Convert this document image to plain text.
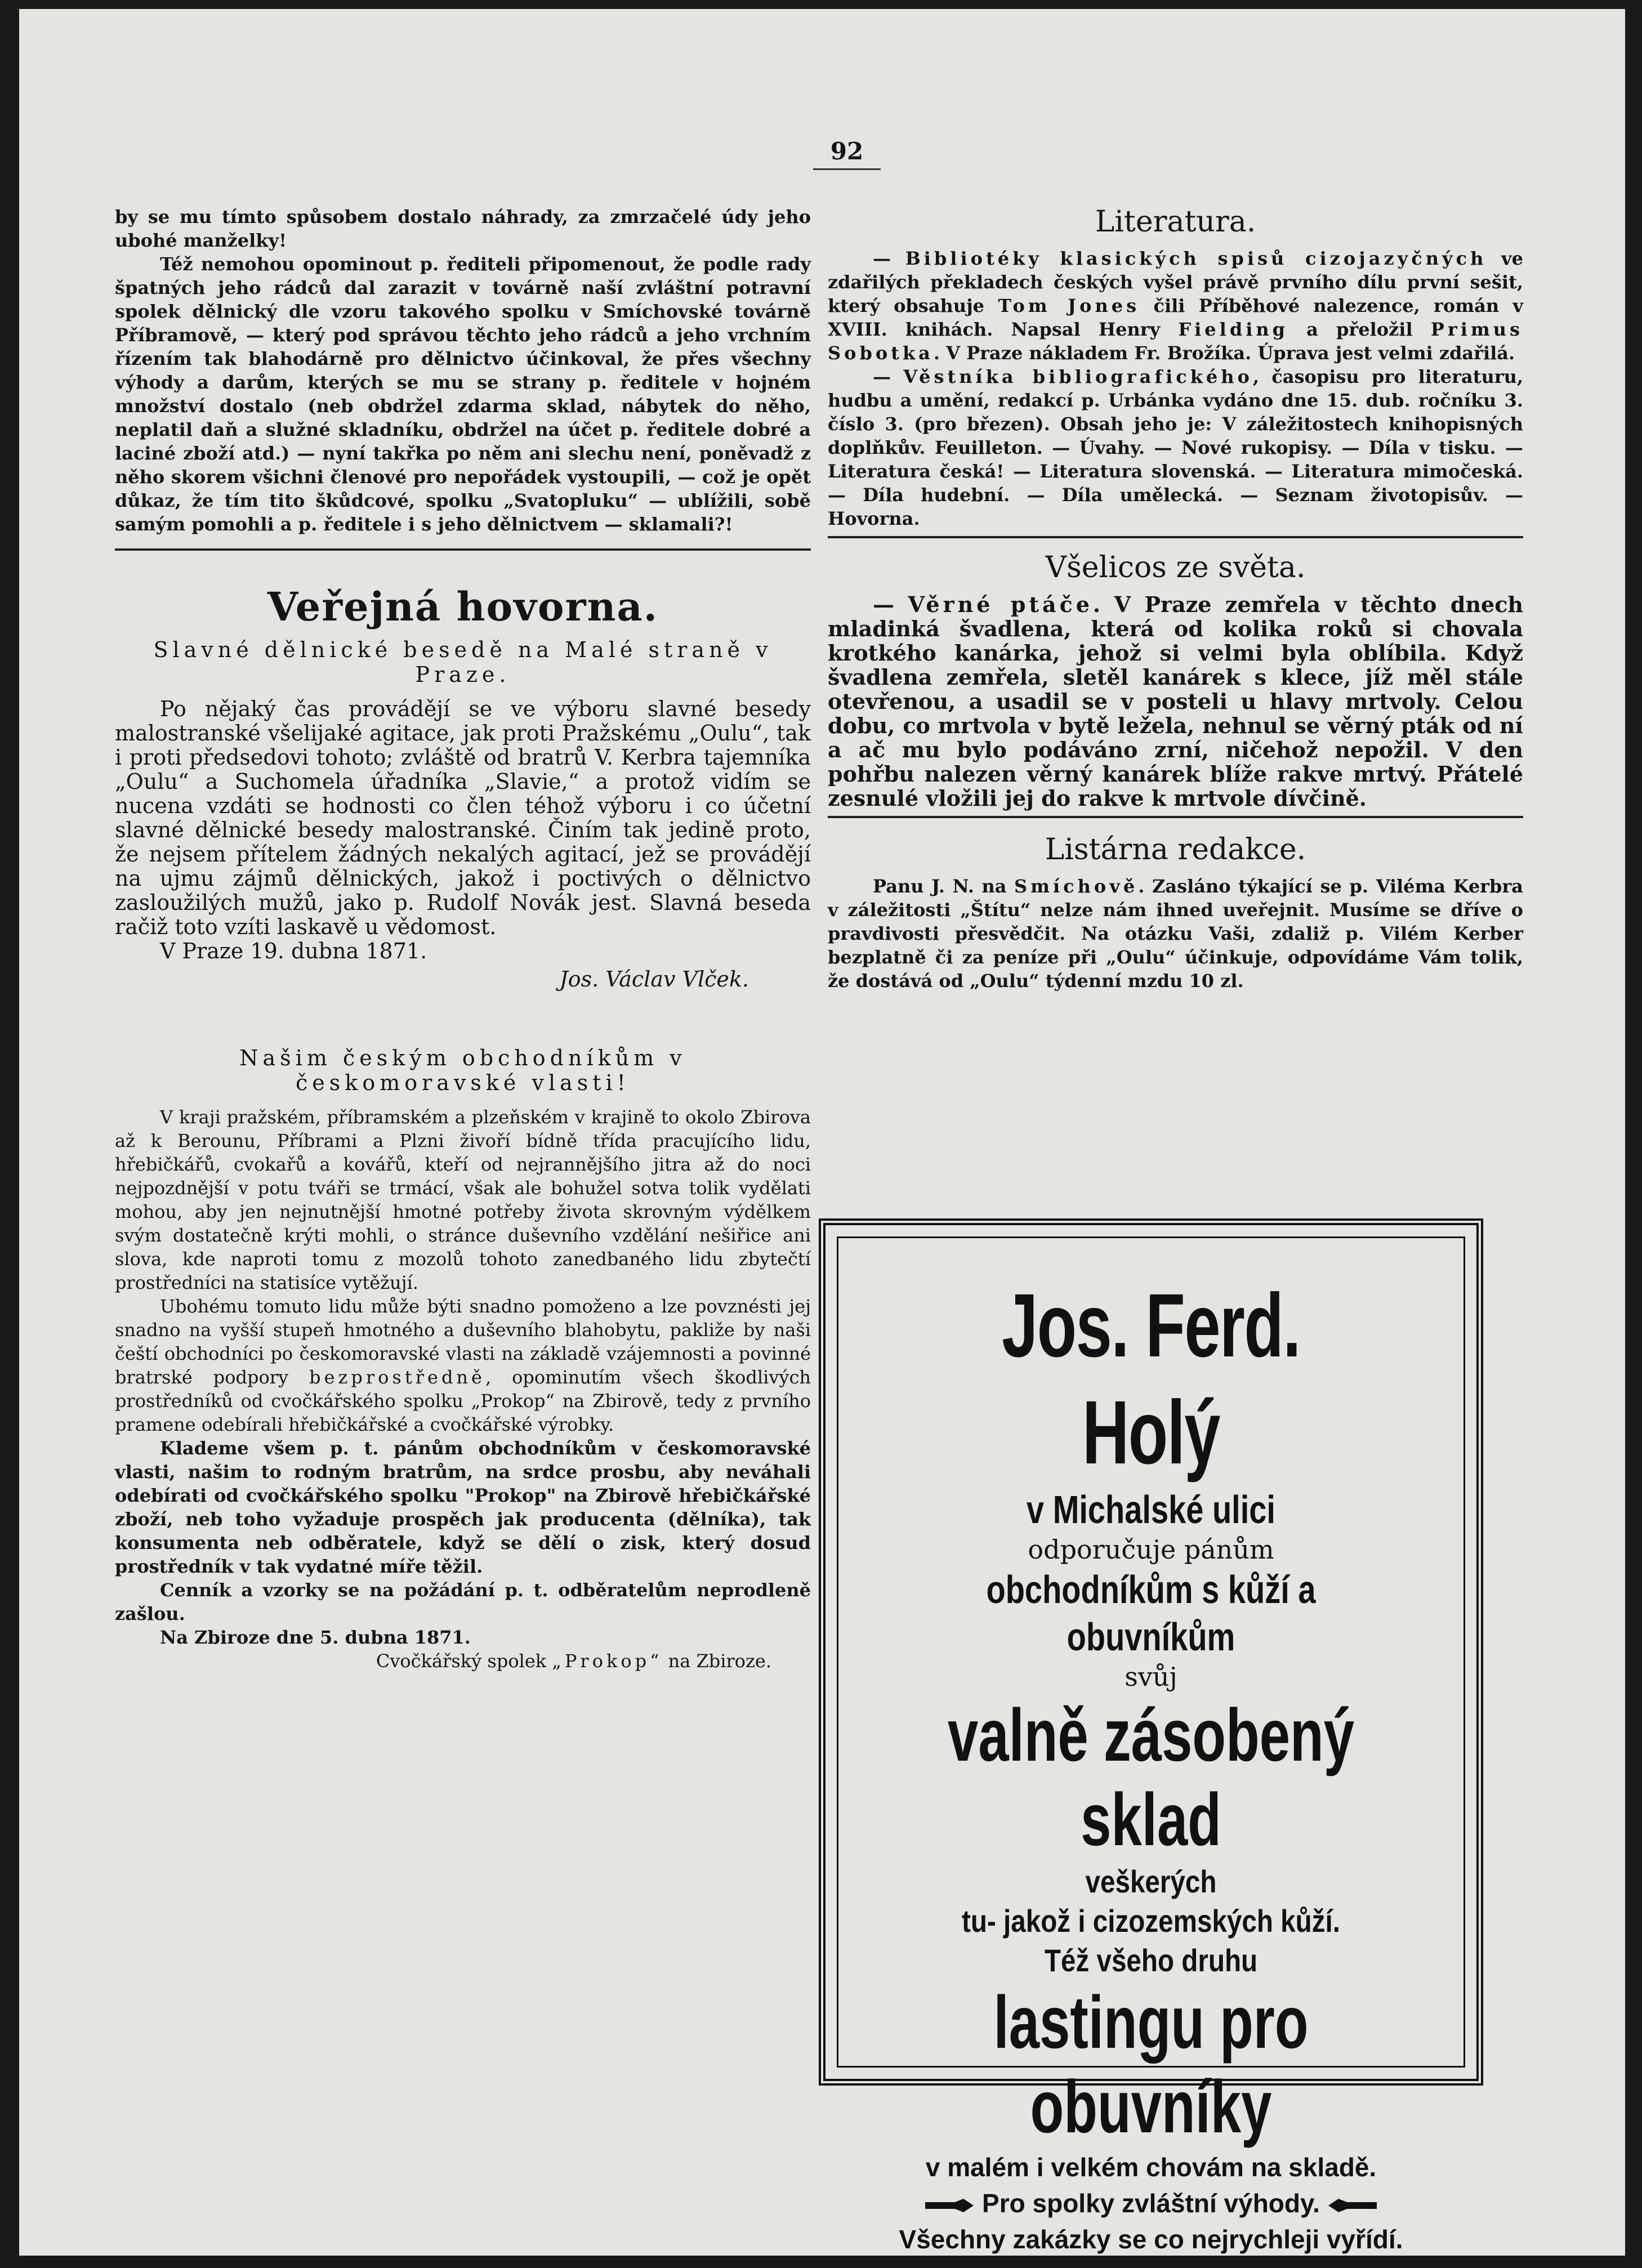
92

by se mu tímto spůsobem dostalo náhrady, za zmrzačelé údy jeho ubohé manželky!

Též nemohou opominout p. řediteli připomenout, že podle rady špatných jeho rádců dal zarazit v továrně naší zvláštní potravní spolek dělnický dle vzoru takového spolku v Smíchovské továrně Příbramově, — který pod správou těchto jeho rádců a jeho vrchním řízením tak blahodárně pro dělnictvo účinkoval, že přes všechny výhody a darům, kterých se mu se strany p. ředitele v hojném množství dostalo (neb obdržel zdarma sklad, nábytek do něho, neplatil daň a služné skladníku, obdržel na účet p. ředitele dobré a laciné zboží atd.) — nyní takřka po něm ani slechu není, poněvadž z něho skorem všichni členové pro nepořádek vystoupili, — což je opět důkaz, že tím tito škůdcové, spolku „Svatopluku“ — ublížili, sobě samým pomohli a p. ředitele i s jeho dělnictvem — sklamali?!

Veřejná hovorna.

Slavné dělnické besedě na Malé straně v Praze.

Po nějaký čas provádějí se ve výboru slavné besedy malostranské všelijaké agitace, jak proti Pražskému „Oulu“, tak i proti předsedovi tohoto; zvláště od bratrů V. Kerbra tajemníka „Oulu“ a Suchomela úřadníka „Slavie,“ a protož vidím se nucena vzdáti se hodnosti co člen téhož výboru i co účetní slavné dělnické besedy malostranské. Činím tak jedině proto, že nejsem přítelem žádných nekalých agitací, jež se provádějí na ujmu zájmů dělnických, jakož i poctivých o dělnictvo zasloužilých mužů, jako p. Rudolf Novák jest. Slavná beseda račiž toto vzíti laskavě u vědomost.

V Praze 19. dubna 1871.

Jos. Václav Vlček.

Našim českým obchodníkům v českomoravské vlasti!

V kraji pražském, příbramském a plzeňském v krajině to okolo Zbirova až k Berounu, Příbrami a Plzni živoří bídně třída pracujícího lidu, hřebičkářů, cvokařů a kovářů, kteří od nejrannějšího jitra až do noci nejpozdnější v potu tváři se trmácí, však ale bohužel sotva tolik vydělati mohou, aby jen nejnutnější hmotné potřeby života skrovným výdělkem svým dostatečně krýti mohli, o stránce duševního vzdělání nešiřice ani slova, kde naproti tomu z mozolů tohoto zanedbaného lidu zbytečtí prostředníci na statisíce vytěžují.

Ubohému tomuto lidu může býti snadno pomoženo a lze povznésti jej snadno na vyšší stupeň hmotného a duševního blahobytu, pakliže by naši čeští obchodníci po českomoravské vlasti na základě vzájemnosti a povinné bratrské podpory bezprostředně, opominutím všech škodlivých prostředníků od cvočkářského spolku „Prokop“ na Zbirově, tedy z prvního pramene odebírali hřebičkářské a cvočkářské výrobky.

Klademe všem p. t. pánům obchodníkům v českomoravské vlasti, našim to rodným bratrům, na srdce prosbu, aby neváhali odebírati od cvočkářského spolku "Prokop" na Zbirově hřebičkářské zboží, neb toho vyžaduje prospěch jak producenta (dělníka), tak konsumenta neb odběratele, když se dělí o zisk, který dosud prostředník v tak vydatné míře těžil.

Cenník a vzorky se na požádání p. t. odběratelům neprodleně zašlou.

Na Zbiroze dne 5. dubna 1871.

Cvočkářský spolek „Prokop“ na Zbiroze.

Literatura.

— Bibliotéky klasických spisů cizojazyčných ve zdařilých překladech českých vyšel právě prvního dílu první sešit, který obsahuje Tom Jones čili Příběhové nalezence, román v XVIII. knihách. Napsal Henry Fielding a přeložil Primus Sobotka. V Praze nákladem Fr. Brožíka. Úprava jest velmi zdařilá.

— Věstníka bibliografického, časopisu pro literaturu, hudbu a umění, redakcí p. Urbánka vydáno dne 15. dub. ročníku 3. číslo 3. (pro březen). Obsah jeho je: V záležitostech knihopisných doplňkův. Feuilleton. — Úvahy. — Nové rukopisy. — Díla v tisku. — Literatura česká! — Literatura slovenská. — Literatura mimočeská. — Díla hudební. — Díla umělecká. — Seznam životopisův. — Hovorna.

Všelicos ze světa.

— Věrné ptáče. V Praze zemřela v těchto dnech mladinká švadlena, která od kolika roků si chovala krotkého kanárka, jehož si velmi byla oblíbila. Když švadlena zemřela, sletěl kanárek s klece, jíž měl stále otevřenou, a usadil se v posteli u hlavy mrtvoly. Celou dobu, co mrtvola v bytě ležela, nehnul se věrný pták od ní a ač mu bylo podáváno zrní, ničehož nepožil. V den pohřbu nalezen věrný kanárek blíže rakve mrtvý. Přátelé zesnulé vložili jej do rakve k mrtvole dívčině.

Listárna redakce.

Panu J. N. na Smíchově. Zasláno týkající se p. Viléma Kerbra v záležitosti „Štítu“ nelze nám ihned uveřejnit. Musíme se dříve o pravdivosti přesvědčit. Na otázku Vaši, zdaliž p. Vilém Kerber bezplatně či za peníze při „Oulu“ účinkuje, odpovídáme Vám tolik, že dostává od „Oulu“ týdenní mzdu 10 zl.

Jos. Ferd. Holý

v Michalské ulici

odporučuje pánům

obchodníkům s kůží a obuvníkům

svůj

valně zásobený sklad

veškerých

tu- jakož i cizozemských kůží.

Též všeho druhu

lastingu pro obuvníky

v malém i velkém chovám na skladě.

Pro spolky zvláštní výhody.

Všechny zakázky se co nejrychleji vyřídí.
